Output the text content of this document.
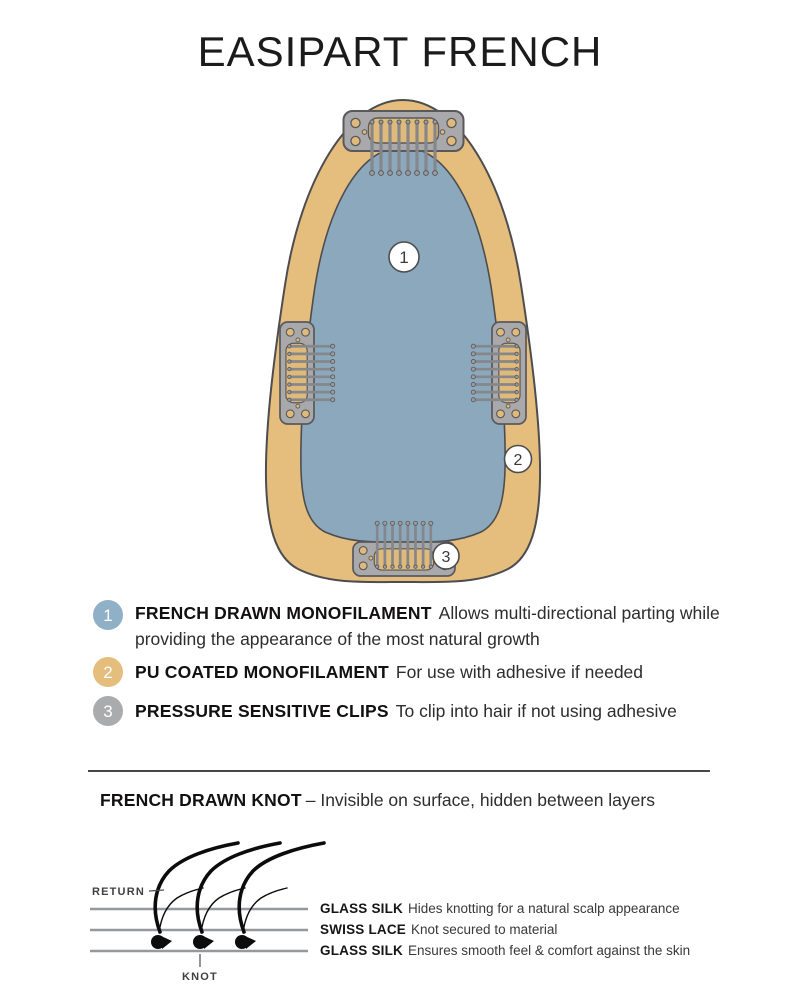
EASIPART FRENCH
1
2
3
1 FRENCH DRAWN MONOFILAMENT Allows multi-directional parting while providing the appearance of the most natural growth
2 PU COATED MONOFILAMENT For use with adhesive if needed
3 PRESSURE SENSITIVE CLIPS To clip into hair if not using adhesive
FRENCH DRAWN KNOT – Invisible on surface, hidden between layers
RETURN
KNOT
GLASS SILK Hides knotting for a natural scalp appearance
SWISS LACE Knot secured to material
GLASS SILK Ensures smooth feel & comfort against the skin
